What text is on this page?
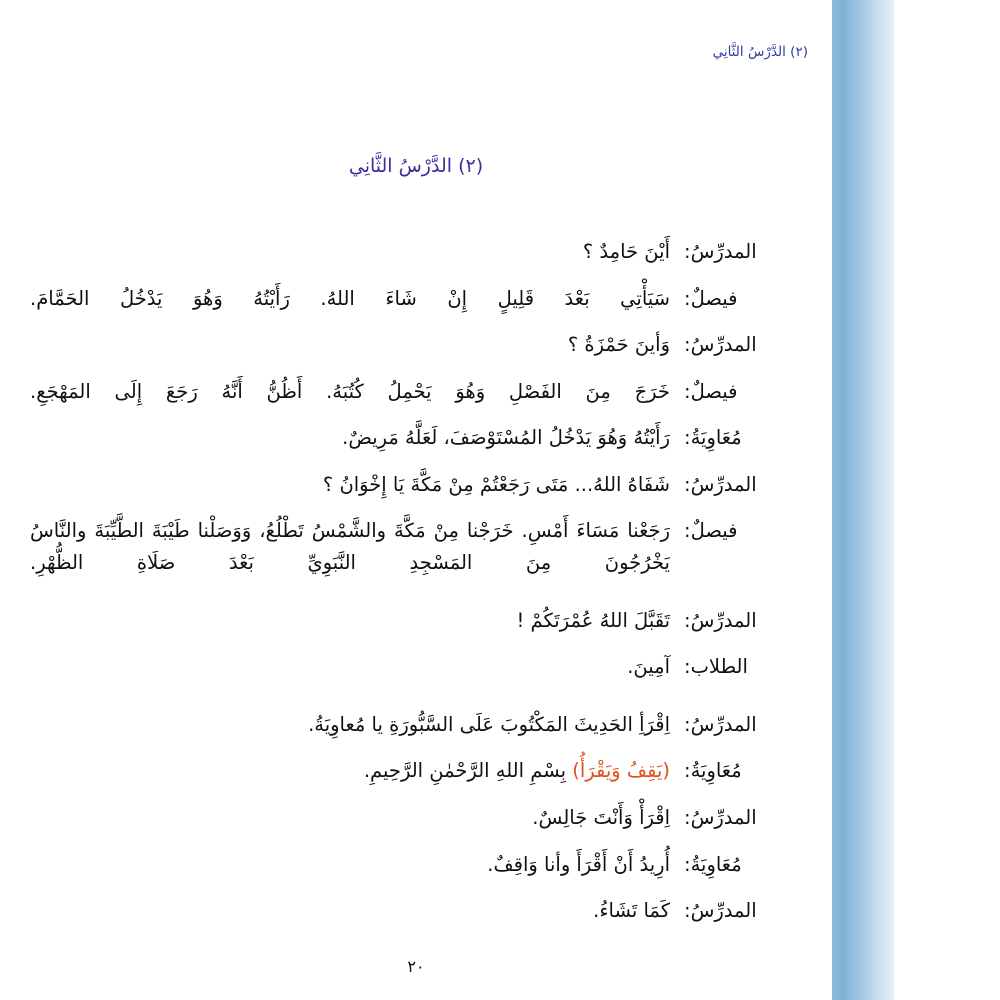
(٢) الدَّرْسُ الثَّانِي
(٢) الدَّرْسُ الثَّانِي
المدرِّسُ:
أَيْنَ حَامِدٌ ؟
فيصلٌ:
سَيَأْتِي بَعْدَ قَلِيلٍ إِنْ شَاءَ اللهُ. رَأَيْتُهُ وَهُوَ يَدْخُلُ الحَمَّامَ.
المدرِّسُ:
وَأينَ حَمْزَةُ ؟
فيصلٌ:
خَرَجَ مِنَ الفَصْلِ وَهُوَ يَحْمِلُ كُتُبَهُ. أَظُنُّ أَنَّهُ رَجَعَ إِلَى المَهْجَعِ.
مُعَاوِيَةُ:
رَأَيْتُهُ وَهُوَ يَدْخُلُ المُسْتَوْصَفَ، لَعَلَّهُ مَرِيضٌ.
المدرِّسُ:
شَفَاهُ اللهُ... مَتَى رَجَعْتُمْ مِنْ مَكَّةَ يَا إِخْوَانُ ؟
فيصلٌ:
رَجَعْنا مَسَاءَ أَمْسِ. خَرَجْنا مِنْ مَكَّةَ والشَّمْسُ تَطْلُعُ، وَوَصَلْنا طَيْبَةَ الطَّيِّبَةَ والنَّاسُ يَخْرُجُونَ مِنَ المَسْجِدِ النَّبَوِيِّ بَعْدَ صَلَاةِ الظُّهْرِ.
المدرِّسُ:
تَقَبَّلَ اللهُ عُمْرَتَكُمْ !
الطلاب:
آمِينَ.
المدرِّسُ:
اِقْرَأِ الحَدِيثَ المَكْتُوبَ عَلَى السَّبُّورَةِ يا مُعاوِيَةُ.
مُعَاوِيَةُ:
(يَقِفُ وَيَقْرَأُ) بِسْمِ اللهِ الرَّحْمٰنِ الرَّحِيمِ.
المدرِّسُ:
اِقْرَأْ وَأَنْتَ جَالِسٌ.
مُعَاوِيَةُ:
أُرِيدُ أَنْ أَقْرَأَ وأنا وَاقِفٌ.
المدرِّسُ:
كَمَا تَشَاءُ.
٢٠
